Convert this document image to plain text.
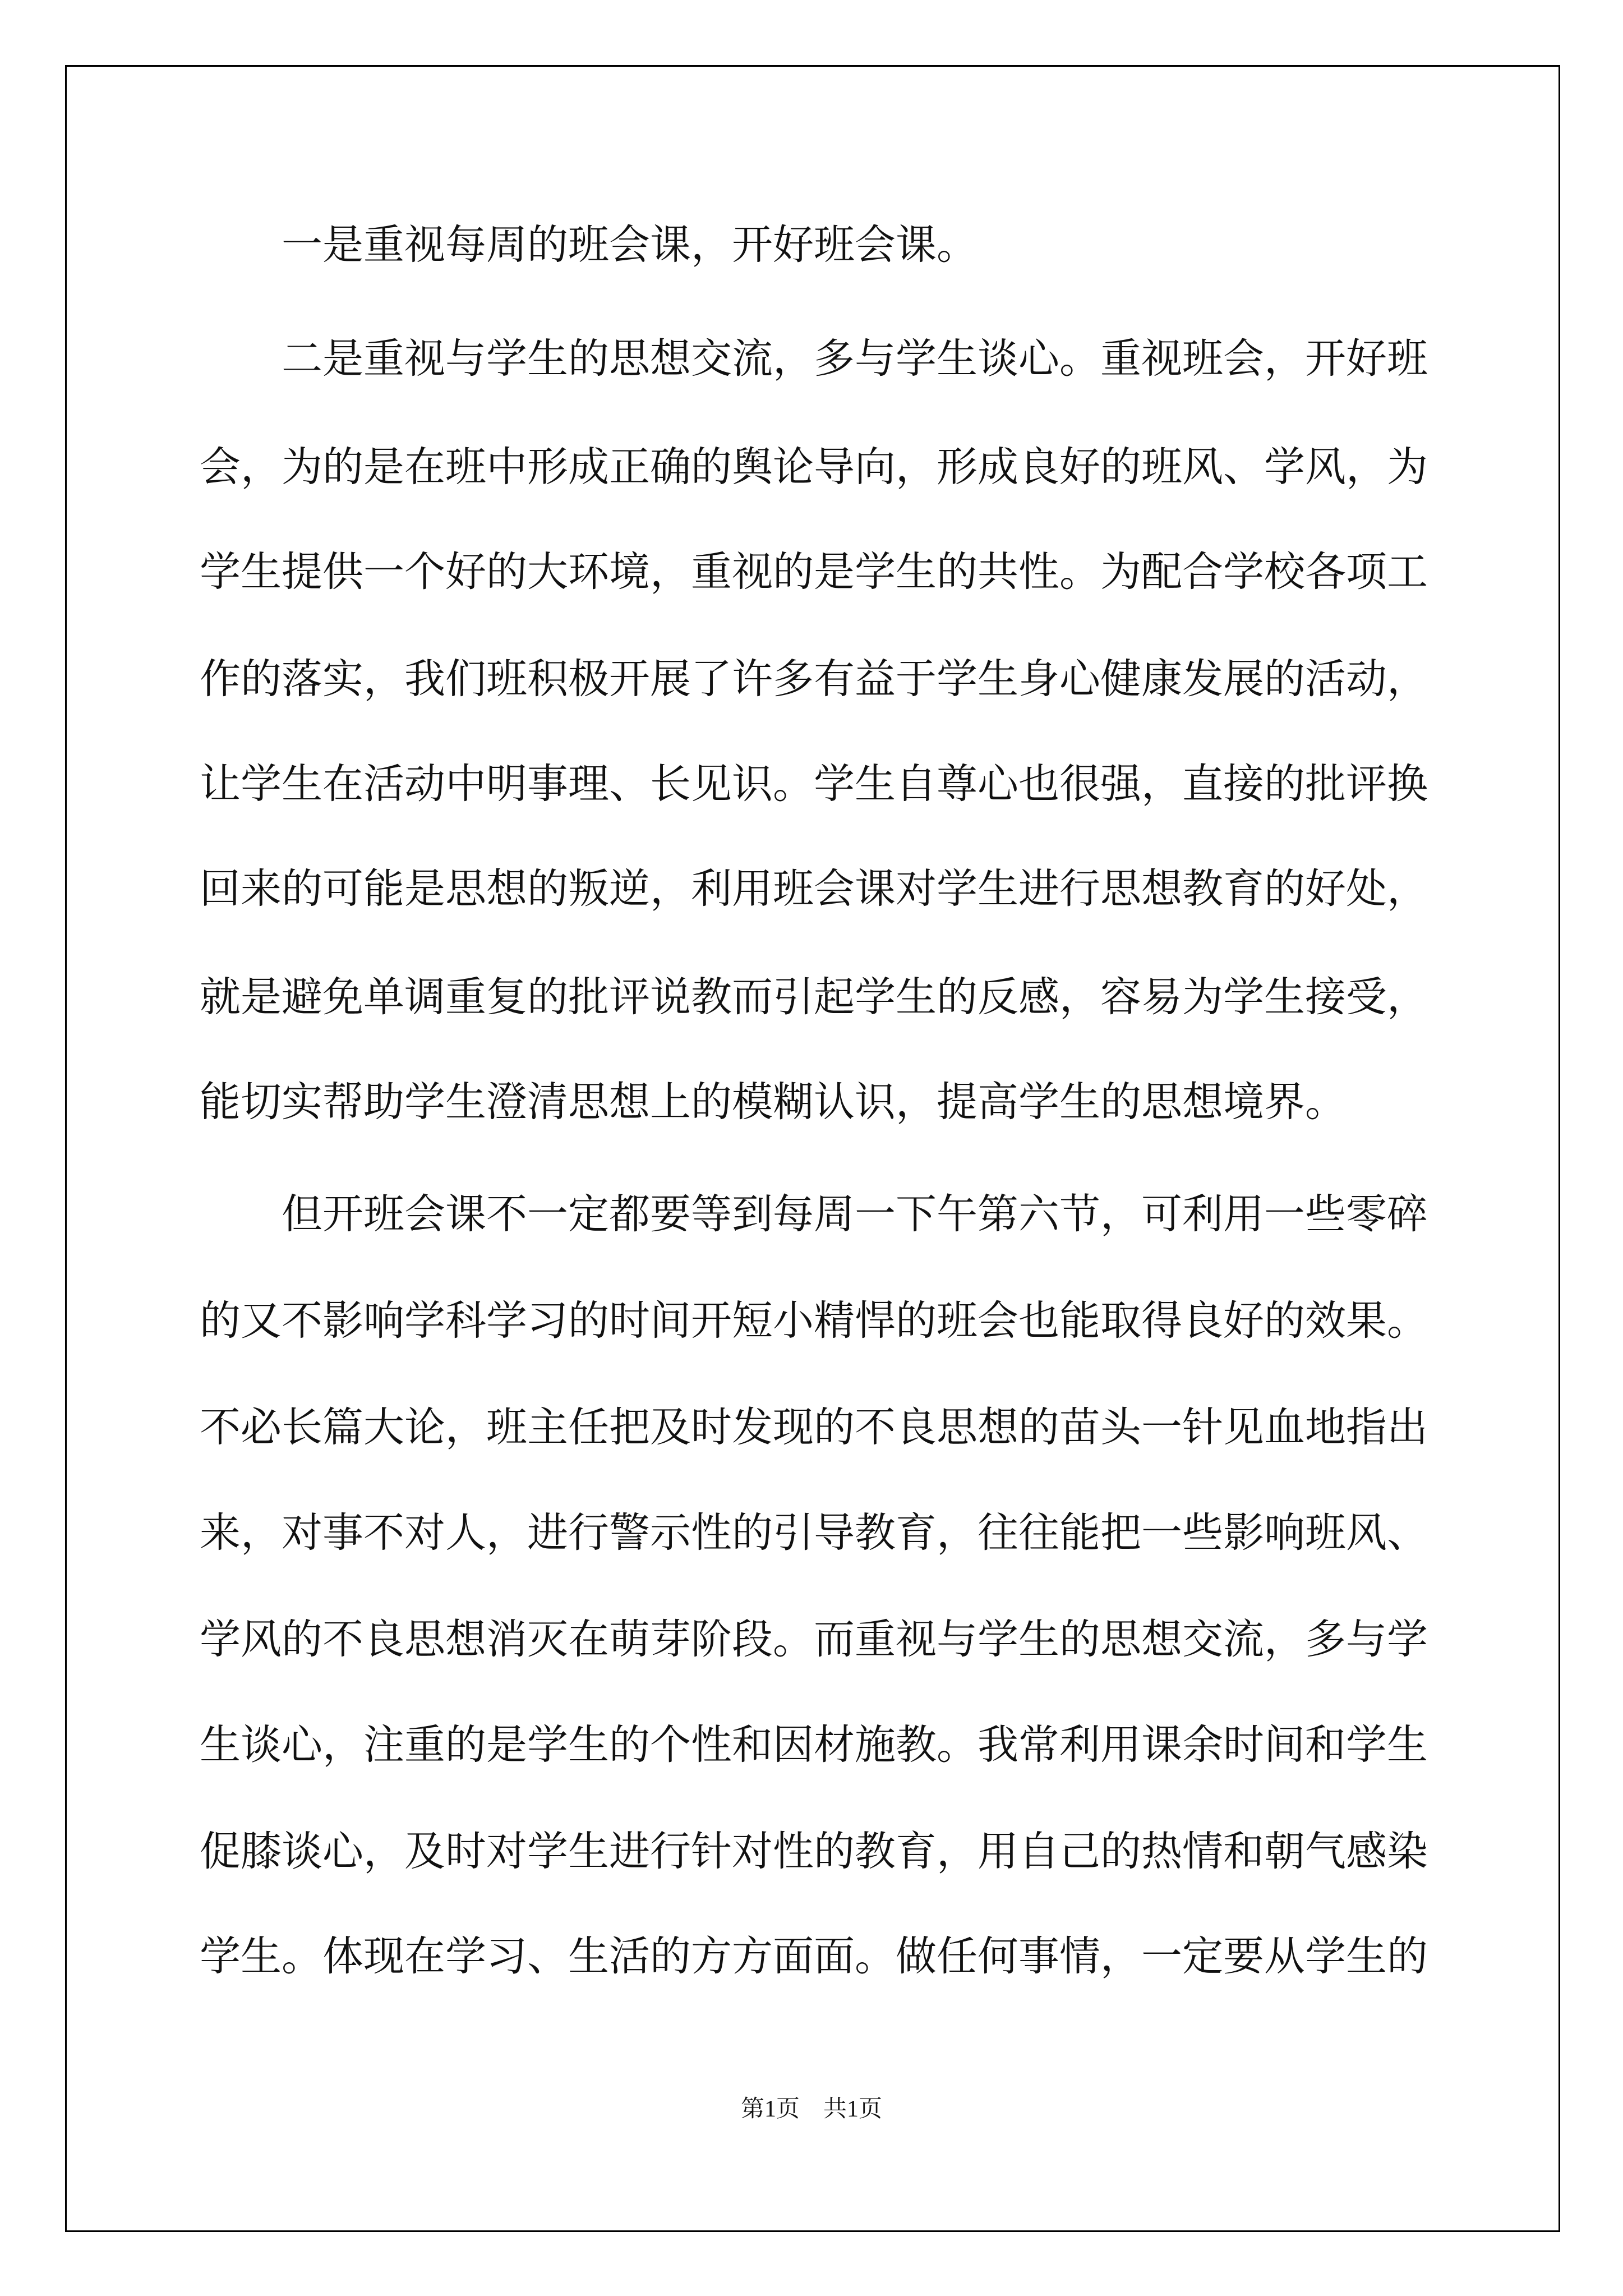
一是重视每周的班会课，开好班会课。
二是重视与学生的思想交流，多与学生谈心。重视班会，开好班
会，为的是在班中形成正确的舆论导向，形成良好的班风、学风，为
学生提供一个好的大环境，重视的是学生的共性。为配合学校各项工
作的落实，我们班积极开展了许多有益于学生身心健康发展的活动，
让学生在活动中明事理、长见识。学生自尊心也很强，直接的批评换
回来的可能是思想的叛逆，利用班会课对学生进行思想教育的好处，
就是避免单调重复的批评说教而引起学生的反感，容易为学生接受，
能切实帮助学生澄清思想上的模糊认识，提高学生的思想境界。
但开班会课不一定都要等到每周一下午第六节，可利用一些零碎
的又不影响学科学习的时间开短小精悍的班会也能取得良好的效果。
不必长篇大论，班主任把及时发现的不良思想的苗头一针见血地指出
来，对事不对人，进行警示性的引导教育，往往能把一些影响班风、
学风的不良思想消灭在萌芽阶段。而重视与学生的思想交流，多与学
生谈心，注重的是学生的个性和因材施教。我常利用课余时间和学生
促膝谈心，及时对学生进行针对性的教育，用自己的热情和朝气感染
学生。体现在学习、生活的方方面面。做任何事情，一定要从学生的
第1页 共1页
